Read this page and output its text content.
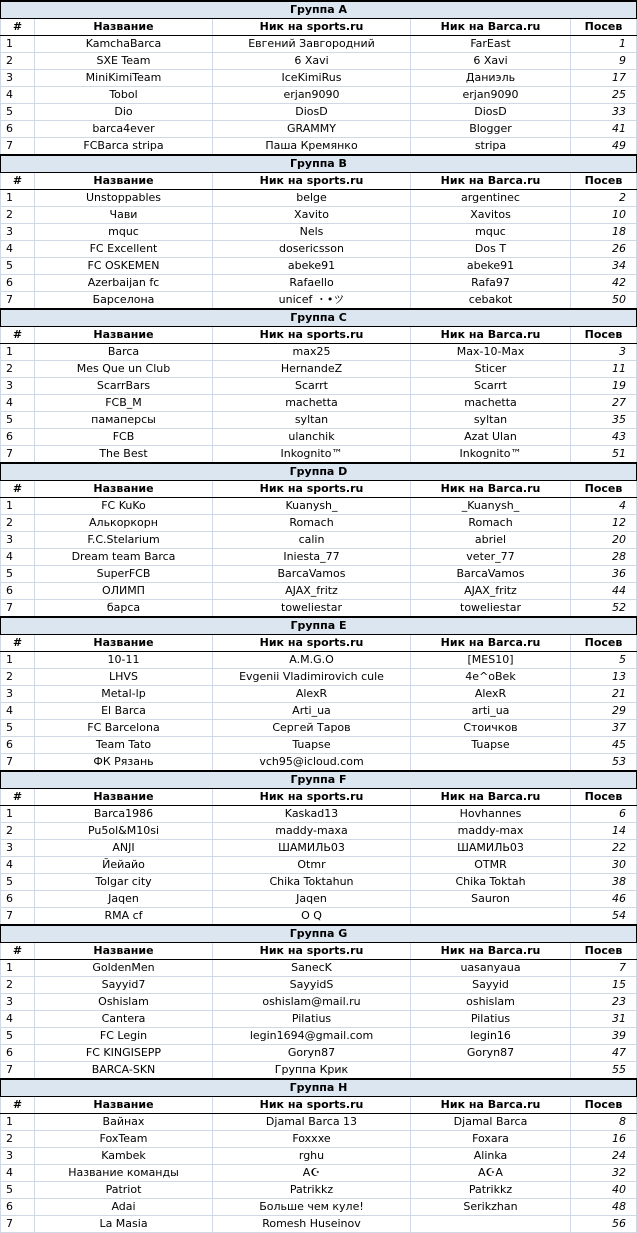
Группа A				
#	Название	Ник на sports.ru	Ник на Barca.ru	Посев
1	KamchaBarca	Евгений Завгородний	FarEast	1
2	SXE Team	6 Xavi	6 Xavi	9
3	MiniKimiTeam	IceKimiRus	Даниэль	17
4	Tobol	erjan9090	erjan9090	25
5	Dio	DiosD	DiosD	33
6	barca4ever	GRAMMY	Blogger	41
7	FCBarca stripa	Паша Кремянко	stripa	49
Группа B				
#	Название	Ник на sports.ru	Ник на Barca.ru	Посев
1	Unstoppables	belge	argentinec	2
2	Чави	Xavito	Xavitos	10
3	mquc	Nels	mquc	18
4	FC Excellent	dosericsson	Dos T	26
5	FC OSKEMEN	abeke91	abeke91	34
6	Azerbaijan fc	Rafaello	Rafa97	42
7	Барселона	unicef ・•ツ	cebakot	50
Группа C				
#	Название	Ник на sports.ru	Ник на Barca.ru	Посев
1	Barca	max25	Max-10-Max	3
2	Mes Que un Club	HernandeZ	Sticer	11
3	ScarrBars	Scarrt	Scarrt	19
4	FCB_M	machetta	machetta	27
5	памаперсы	syltan	syltan	35
6	FCB	ulanchik	Azat Ulan	43
7	The Best	Inkognito™	Inkognito™	51
Группа D				
#	Название	Ник на sports.ru	Ник на Barca.ru	Посев
1	FC KuKo	Kuanysh_	_Kuanysh_	4
2	Алькоркорн	Romach	Romach	12
3	F.C.Stelarium	calin	abriel	20
4	Dream team Barca	Iniesta_77	veter_77	28
5	SuperFCB	BarcaVamos	BarcaVamos	36
6	ОЛИМП	AJAX_fritz	AJAX_fritz	44
7	барса	toweliestar	toweliestar	52
Группа E				
#	Название	Ник на sports.ru	Ник на Barca.ru	Посев
1	10-11	A.M.G.O	[MES10]	5
2	LHVS	Evgenii Vladimirovich cule	4e^oBek	13
3	Metal-lp	AlexR	AlexR	21
4	El Barca	Arti_ua	arti_ua	29
5	FC Barcelona	Сергей Таров	Стоичков	37
6	Team Tato	Tuapse	Tuapse	45
7	ФК Рязань	vch95@icloud.com		53
Группа F				
#	Название	Ник на sports.ru	Ник на Barca.ru	Посев
1	Barca1986	Kaskad13	Hovhannes	6
2	Pu5ol&M10si	maddy-maxa	maddy-max	14
3	ANJI	ШАМИЛЬ03	ШАМИЛЬ03	22
4	Йейайо	Otmr	OTMR	30
5	Tolgar city	Chika Toktahun	Chika Toktah	38
6	Jaqen	Jaqen	Sauron	46
7	RMA cf	O Q		54
Группа G				
#	Название	Ник на sports.ru	Ник на Barca.ru	Посев
1	GoldenMen	SanecK	uasanyaua	7
2	Sayyid7	SayyidS	Sayyid	15
3	Oshislam	oshislam@mail.ru	oshislam	23
4	Cantera	Pilatius	Pilatius	31
5	FC Legin	legin1694@gmail.com	legin16	39
6	FC KINGISEPP	Goryn87	Goryn87	47
7	BARCA-SKN	Группа Крик		55
Группа H				
#	Название	Ник на sports.ru	Ник на Barca.ru	Посев
1	Вайнах	Djamal Barca 13	Djamal Barca	8
2	FoxTeam	Foxxxe	Foxara	16
3	Kambek	rghu	Alinka	24
4	Название команды	A☪	A☪A	32
5	Patriot	Patrikkz	Patrikkz	40
6	Adai	Больше чем куле!	Serikzhan	48
7	La Masia	Romesh Huseinov		56
